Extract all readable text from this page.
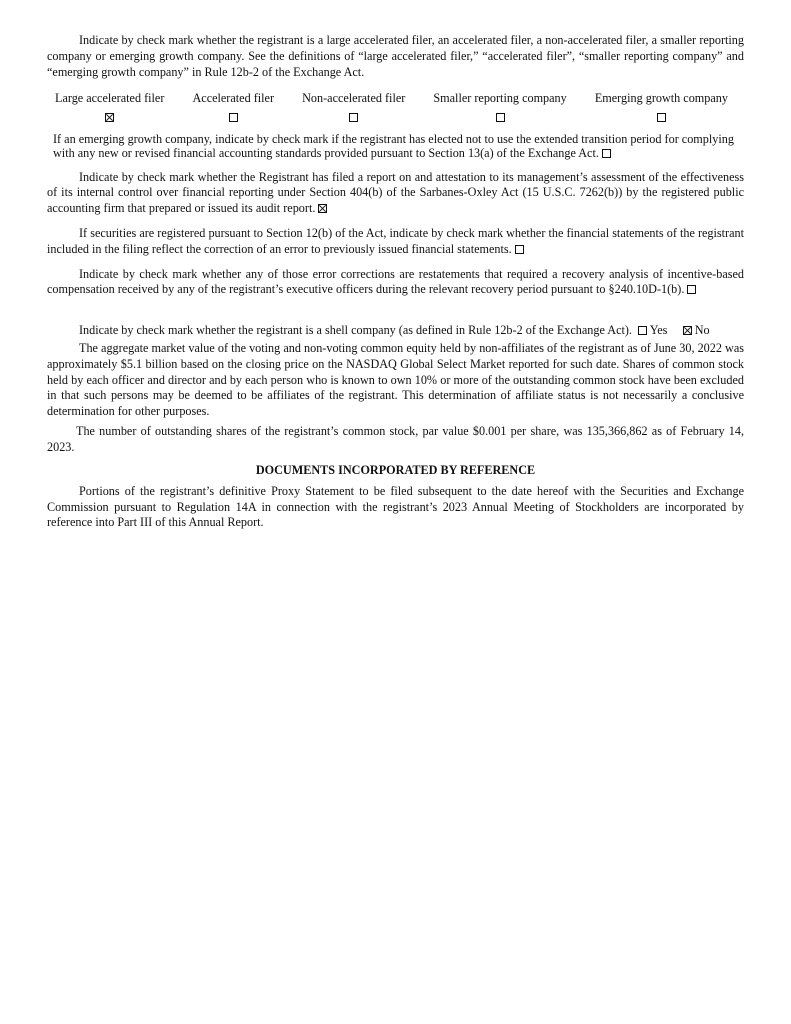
Indicate by check mark whether the registrant is a large accelerated filer, an accelerated filer, a non-accelerated filer, a smaller reporting company or emerging growth company. See the definitions of “large accelerated filer,” “accelerated filer”, “smaller reporting company” and “emerging growth company” in Rule 12b-2 of the Exchange Act.

Large accelerated filer Accelerated filer Non-accelerated filer Smaller reporting company Emerging growth company

If an emerging growth company, indicate by check mark if the registrant has elected not to use the extended transition period for complying with any new or revised financial accounting standards provided pursuant to Section 13(a) of the Exchange Act.

Indicate by check mark whether the Registrant has filed a report on and attestation to its management’s assessment of the effectiveness of its internal control over financial reporting under Section 404(b) of the Sarbanes-Oxley Act (15 U.S.C. 7262(b)) by the registered public accounting firm that prepared or issued its audit report.

If securities are registered pursuant to Section 12(b) of the Act, indicate by check mark whether the financial statements of the registrant included in the filing reflect the correction of an error to previously issued financial statements.

Indicate by check mark whether any of those error corrections are restatements that required a recovery analysis of incentive-based compensation received by any of the registrant’s executive officers during the relevant recovery period pursuant to §240.10D-1(b).

Indicate by check mark whether the registrant is a shell company (as defined in Rule 12b-2 of the Exchange Act). Yes No

The aggregate market value of the voting and non-voting common equity held by non-affiliates of the registrant as of June 30, 2022 was approximately $5.1 billion based on the closing price on the NASDAQ Global Select Market reported for such date. Shares of common stock held by each officer and director and by each person who is known to own 10% or more of the outstanding common stock have been excluded in that such persons may be deemed to be affiliates of the registrant. This determination of affiliate status is not necessarily a conclusive determination for other purposes.

The number of outstanding shares of the registrant’s common stock, par value $0.001 per share, was 135,366,862 as of February 14, 2023.

DOCUMENTS INCORPORATED BY REFERENCE

Portions of the registrant’s definitive Proxy Statement to be filed subsequent to the date hereof with the Securities and Exchange Commission pursuant to Regulation 14A in connection with the registrant’s 2023 Annual Meeting of Stockholders are incorporated by reference into Part III of this Annual Report.
